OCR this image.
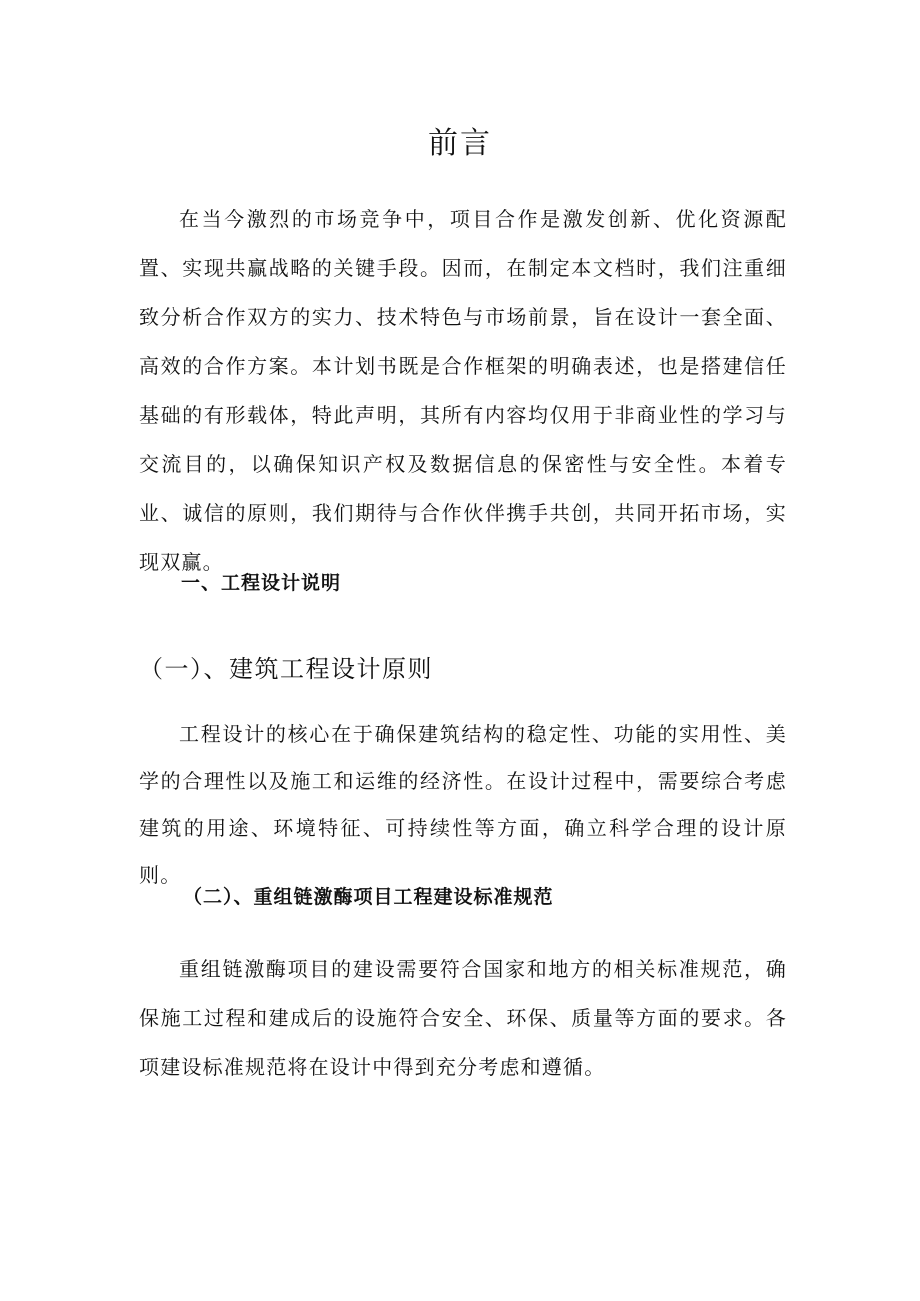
前言

在当今激烈的市场竞争中，项目合作是激发创新、优化资源配置、实现共赢战略的关键手段。因而，在制定本文档时，我们注重细致分析合作双方的实力、技术特色与市场前景，旨在设计一套全面、高效的合作方案。本计划书既是合作框架的明确表述，也是搭建信任基础的有形载体，特此声明，其所有内容均仅用于非商业性的学习与交流目的，以确保知识产权及数据信息的保密性与安全性。本着专业、诚信的原则，我们期待与合作伙伴携手共创，共同开拓市场，实现双赢。

一、工程设计说明
（一）、建筑工程设计原则

工程设计的核心在于确保建筑结构的稳定性、功能的实用性、美学的合理性以及施工和运维的经济性。在设计过程中，需要综合考虑建筑的用途、环境特征、可持续性等方面，确立科学合理的设计原则。

（二）、重组链激酶项目工程建设标准规范

重组链激酶项目的建设需要符合国家和地方的相关标准规范，确保施工过程和建成后的设施符合安全、环保、质量等方面的要求。各项建设标准规范将在设计中得到充分考虑和遵循。
